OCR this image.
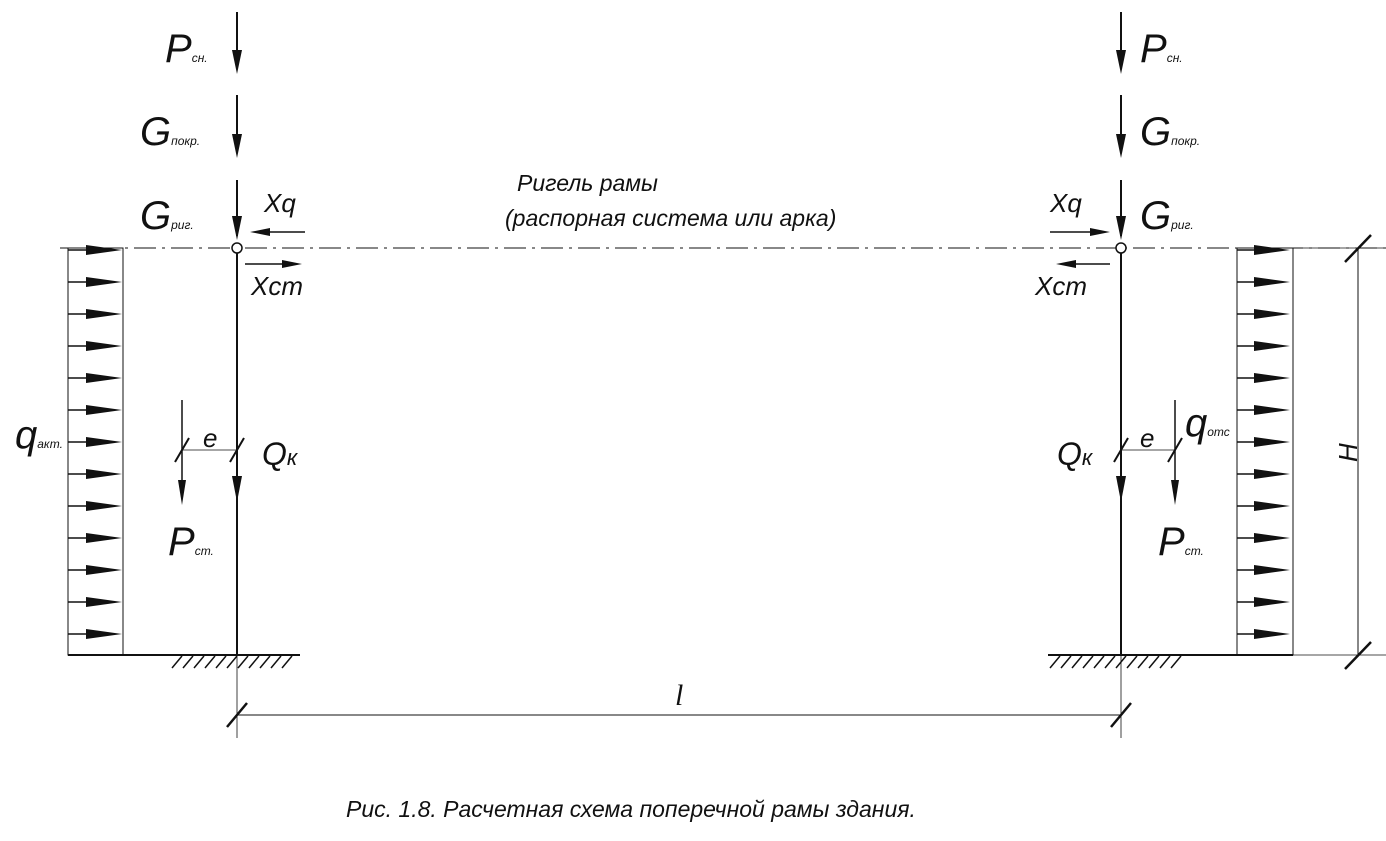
Pсн.
Gпокр.
Gриг.
Xq
Xcm
qакт.	e Qк
Pст.
Pсн.
Gпокр.
Gриг.
Xq
Xcm
qотс
e
Qк
Pст.
Ригель рамы
(распорная система или арка)
l
H
Рис. 1.8. Расчетная схема поперечной рамы здания.
